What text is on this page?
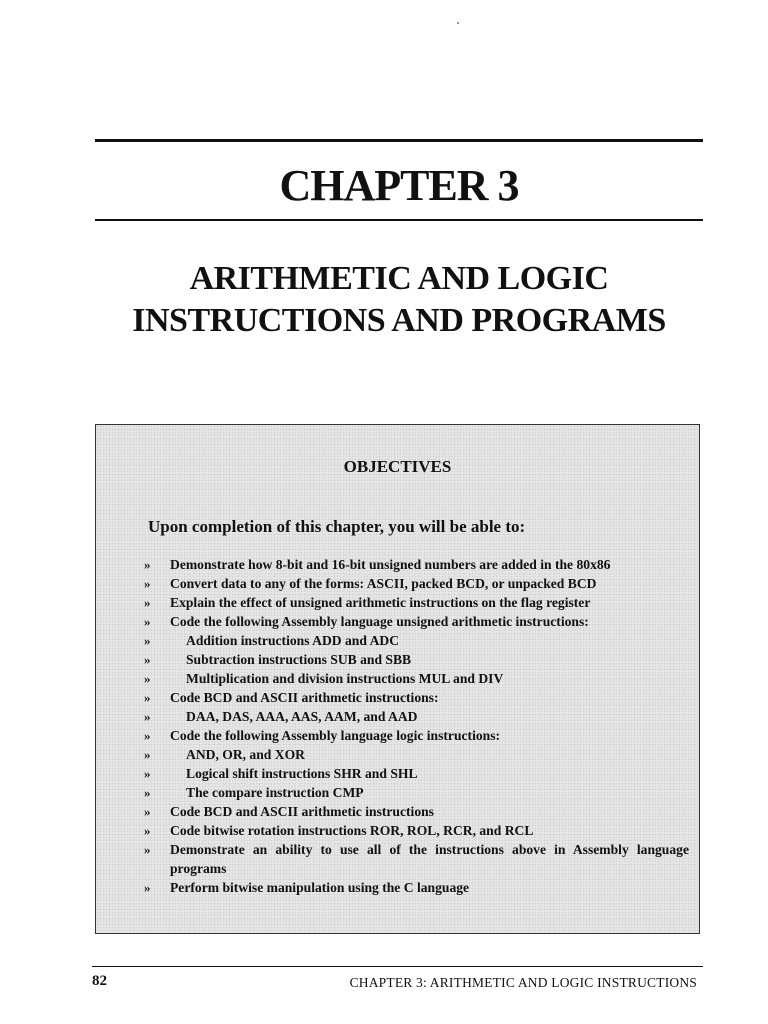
CHAPTER 3
ARITHMETIC AND LOGIC
INSTRUCTIONS AND PROGRAMS
OBJECTIVES
Upon completion of this chapter, you will be able to:
»	Demonstrate how 8-bit and 16-bit unsigned numbers are added in the 80x86
»	Convert data to any of the forms: ASCII, packed BCD, or unpacked BCD
»	Explain the effect of unsigned arithmetic instructions on the flag register
»	Code the following Assembly language unsigned arithmetic instructions:
»	Addition instructions ADD and ADC
»	Subtraction instructions SUB and SBB
»	Multiplication and division instructions MUL and DIV
»	Code BCD and ASCII arithmetic instructions:
»	DAA, DAS, AAA, AAS, AAM, and AAD
»	Code the following Assembly language logic instructions:
»	AND, OR, and XOR
»	Logical shift instructions SHR and SHL
»	The compare instruction CMP
»	Code BCD and ASCII arithmetic instructions
»	Code bitwise rotation instructions ROR, ROL, RCR, and RCL
»	Demonstrate an ability to use all of the instructions above in Assembly language programs
»	Perform bitwise manipulation using the C language
82	CHAPTER 3: ARITHMETIC AND LOGIC INSTRUCTIONS
